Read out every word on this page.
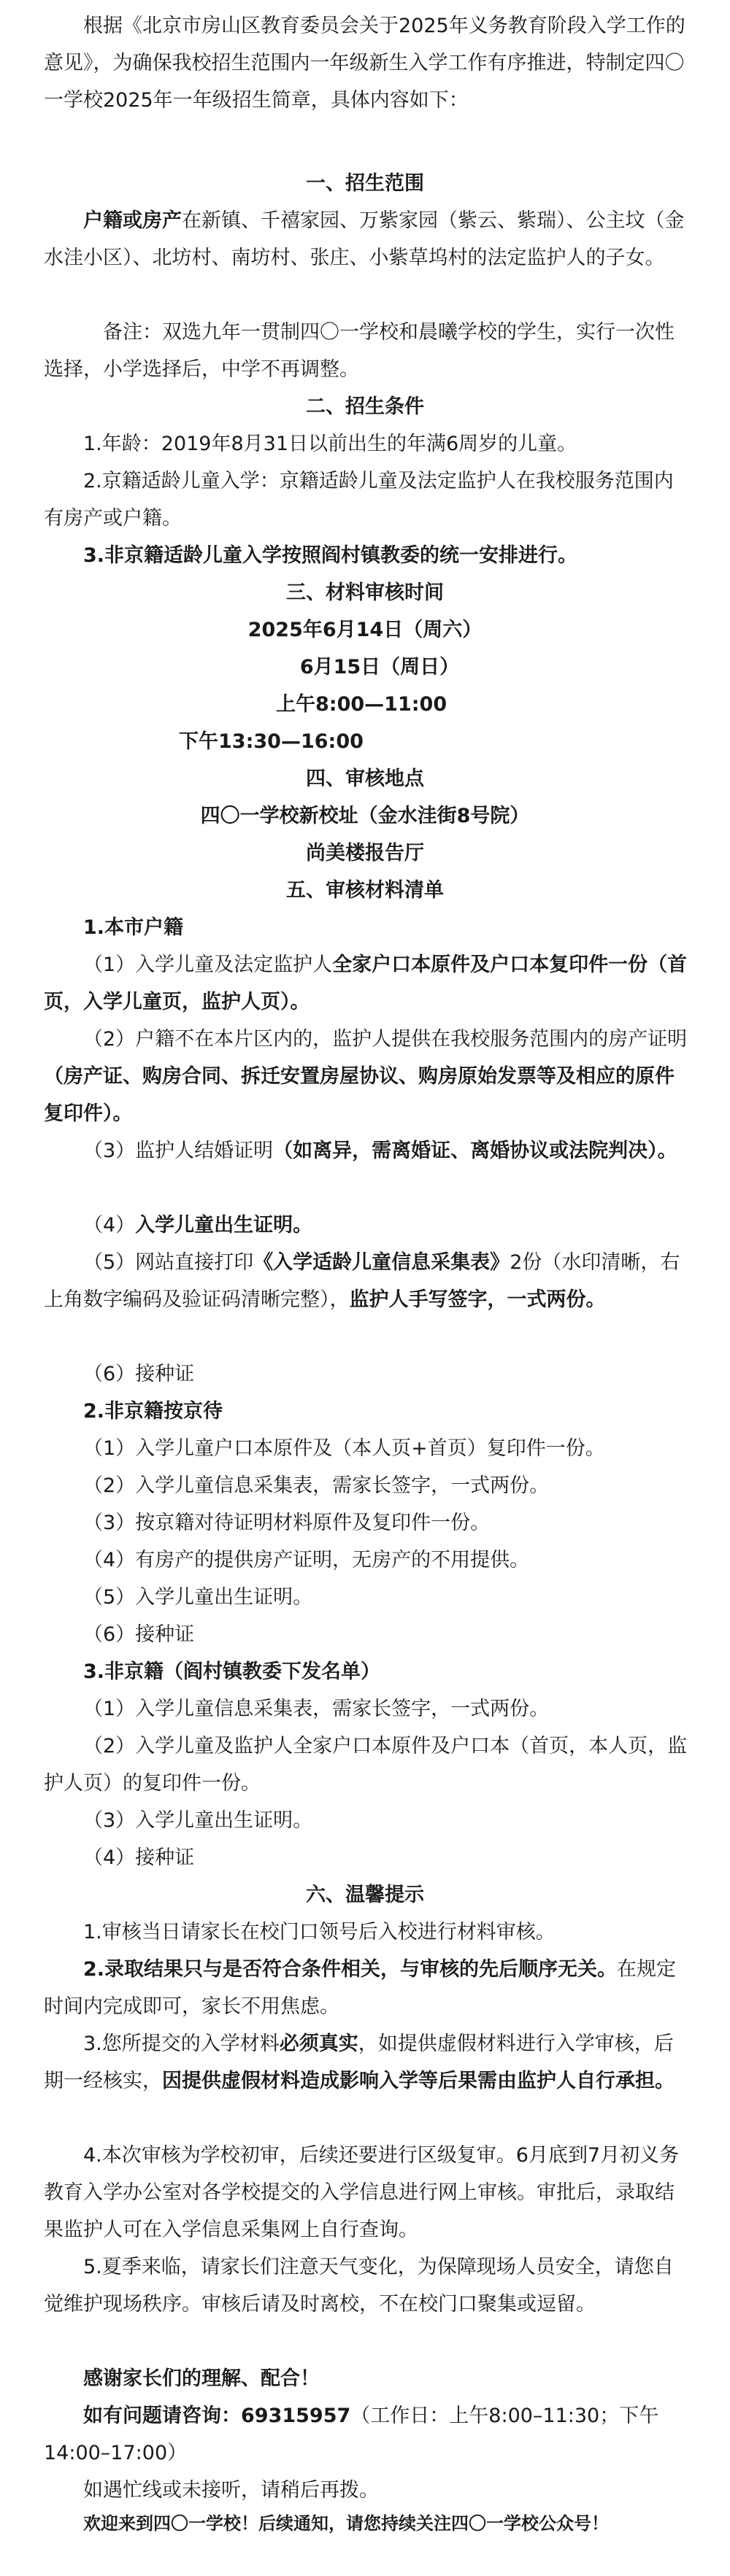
根据《北京市房山区教育委员会关于2025年义务教育阶段入学工作的意见》，为确保我校招生范围内一年级新生入学工作有序推进，特制定四〇一学校2025年一年级招生简章，具体内容如下：

一、招生范围

户籍或房产在新镇、千禧家园、万紫家园（紫云、紫瑞）、公主坟（金水洼小区）、北坊村、南坊村、张庄、小紫草坞村的法定监护人的子女。

备注：双选九年一贯制四〇一学校和晨曦学校的学生，实行一次性选择，小学选择后，中学不再调整。

二、招生条件

1.年龄：2019年8月31日以前出生的年满6周岁的儿童。

2.京籍适龄儿童入学：京籍适龄儿童及法定监护人在我校服务范围内有房产或户籍。

3.非京籍适龄儿童入学按照阎村镇教委的统一安排进行。

三、材料审核时间

2025年6月14日（周六）

6月15日（周日）

上午8:00—11:00

下午13:30—16:00

四、审核地点

四〇一学校新校址（金水洼街8号院）

尚美楼报告厅

五、审核材料清单

1.本市户籍

（1）入学儿童及法定监护人全家户口本原件及户口本复印件一份（首页，入学儿童页，监护人页）。

（2）户籍不在本片区内的，监护人提供在我校服务范围内的房产证明（房产证、购房合同、拆迁安置房屋协议、购房原始发票等及相应的原件复印件）。

（3）监护人结婚证明（如离异，需离婚证、离婚协议或法院判决）。

（4）入学儿童出生证明。

（5）网站直接打印《入学适龄儿童信息采集表》2份（水印清晰，右上角数字编码及验证码清晰完整），监护人手写签字，一式两份。

（6）接种证

2.非京籍按京待

（1）入学儿童户口本原件及（本人页+首页）复印件一份。

（2）入学儿童信息采集表，需家长签字，一式两份。

（3）按京籍对待证明材料原件及复印件一份。

（4）有房产的提供房产证明，无房产的不用提供。

（5）入学儿童出生证明。

（6）接种证

3.非京籍（阎村镇教委下发名单）

（1）入学儿童信息采集表，需家长签字，一式两份。

（2）入学儿童及监护人全家户口本原件及户口本（首页，本人页，监护人页）的复印件一份。

（3）入学儿童出生证明。

（4）接种证

六、温馨提示

1.审核当日请家长在校门口领号后入校进行材料审核。

2.录取结果只与是否符合条件相关，与审核的先后顺序无关。在规定时间内完成即可，家长不用焦虑。

3.您所提交的入学材料必须真实，如提供虚假材料进行入学审核，后期一经核实，因提供虚假材料造成影响入学等后果需由监护人自行承担。

4.本次审核为学校初审，后续还要进行区级复审。6月底到7月初义务教育入学办公室对各学校提交的入学信息进行网上审核。审批后，录取结果监护人可在入学信息采集网上自行查询。

5.夏季来临，请家长们注意天气变化，为保障现场人员安全，请您自觉维护现场秩序。审核后请及时离校，不在校门口聚集或逗留。

感谢家长们的理解、配合！

如有问题请咨询：69315957（工作日：上午8:00–11:30；下午14:00–17:00）

如遇忙线或未接听，请稍后再拨。

欢迎来到四〇一学校！后续通知，请您持续关注四〇一学校公众号！
